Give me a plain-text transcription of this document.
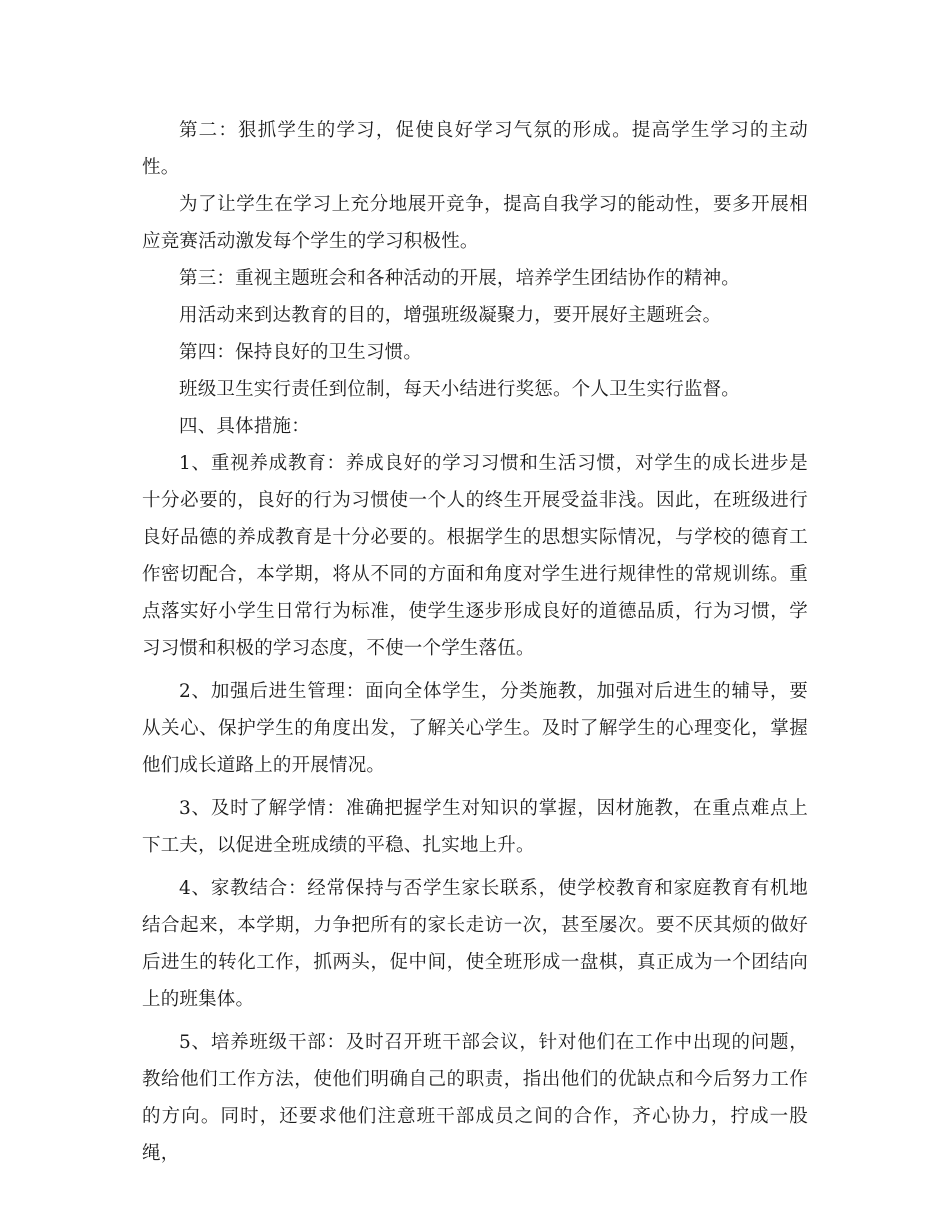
第二：狠抓学生的学习，促使良好学习气氛的形成。提高学生学习的主动性。

为了让学生在学习上充分地展开竞争，提高自我学习的能动性，要多开展相应竞赛活动激发每个学生的学习积极性。

第三：重视主题班会和各种活动的开展，培养学生团结协作的精神。

用活动来到达教育的目的，增强班级凝聚力，要开展好主题班会。

第四：保持良好的卫生习惯。

班级卫生实行责任到位制，每天小结进行奖惩。个人卫生实行监督。

四、具体措施：

1、重视养成教育：养成良好的学习习惯和生活习惯，对学生的成长进步是十分必要的，良好的行为习惯使一个人的终生开展受益非浅。因此，在班级进行良好品德的养成教育是十分必要的。根据学生的思想实际情况，与学校的德育工作密切配合，本学期，将从不同的方面和角度对学生进行规律性的常规训练。重点落实好小学生日常行为标准，使学生逐步形成良好的道德品质，行为习惯，学习习惯和积极的学习态度，不使一个学生落伍。

2、加强后进生管理：面向全体学生，分类施教，加强对后进生的辅导，要从关心、保护学生的角度出发，了解关心学生。及时了解学生的心理变化，掌握他们成长道路上的开展情况。

3、及时了解学情：准确把握学生对知识的掌握，因材施教，在重点难点上下工夫，以促进全班成绩的平稳、扎实地上升。

4、家教结合：经常保持与否学生家长联系，使学校教育和家庭教育有机地结合起来，本学期，力争把所有的家长走访一次，甚至屡次。要不厌其烦的做好后进生的转化工作，抓两头，促中间，使全班形成一盘棋，真正成为一个团结向上的班集体。

5、培养班级干部：及时召开班干部会议，针对他们在工作中出现的问题，教给他们工作方法，使他们明确自己的职责，指出他们的优缺点和今后努力工作的方向。同时，还要求他们注意班干部成员之间的合作，齐心协力，拧成一股绳，
